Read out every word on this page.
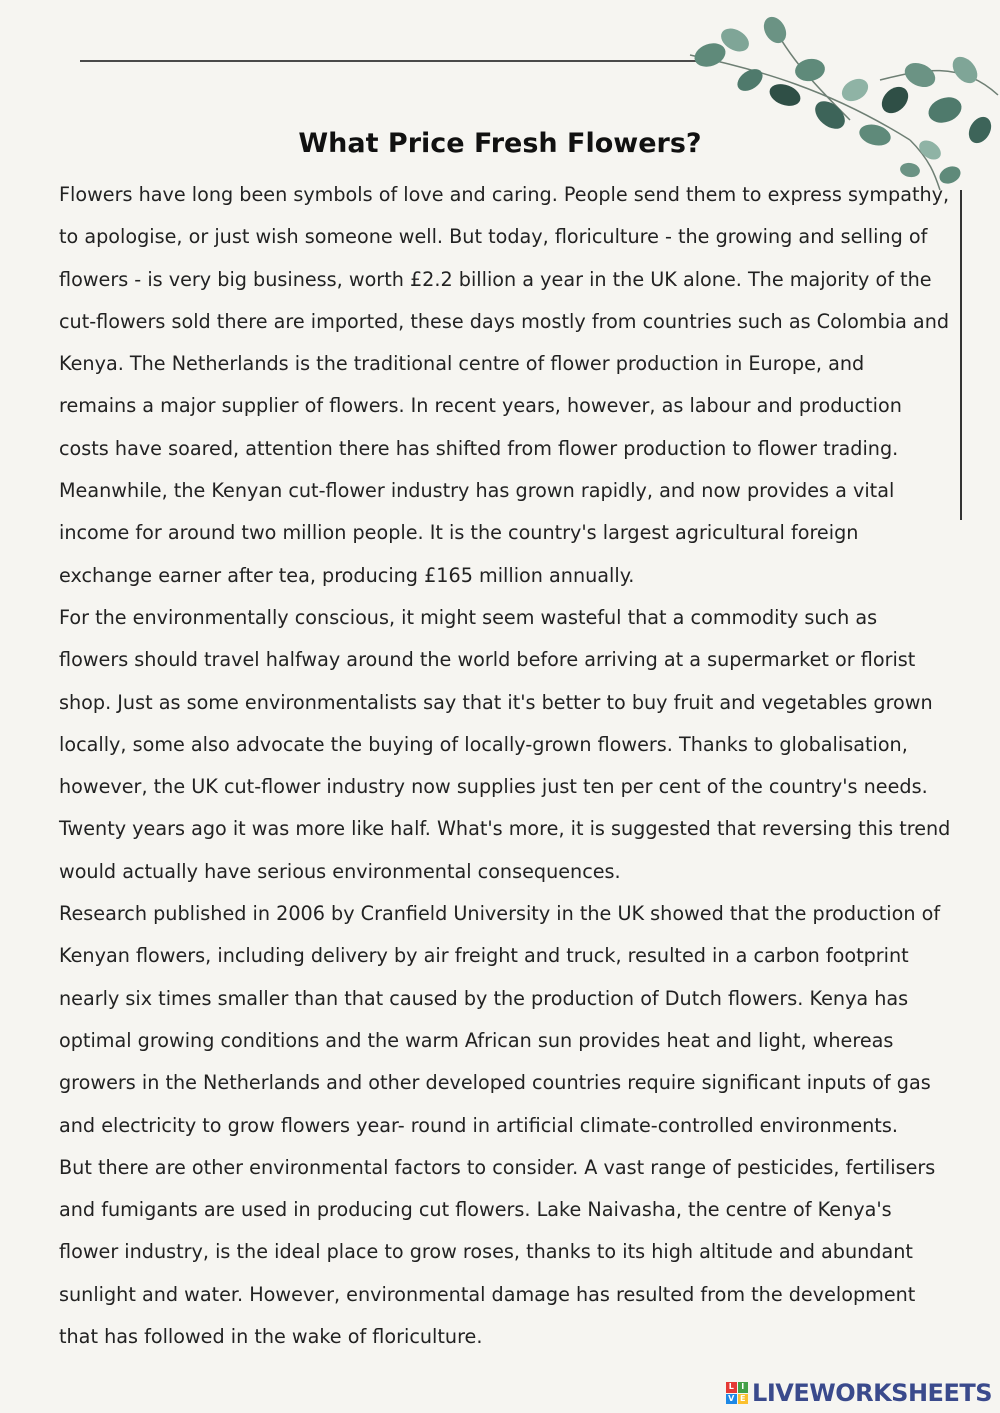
What Price Fresh Flowers?
Flowers have long been symbols of love and caring. People send them to express sympathy,
to apologise, or just wish someone well. But today, floriculture - the growing and selling of
flowers - is very big business, worth £2.2 billion a year in the UK alone. The majority of the
cut-flowers sold there are imported, these days mostly from countries such as Colombia and
Kenya. The Netherlands is the traditional centre of flower production in Europe, and
remains a major supplier of flowers. In recent years, however, as labour and production
costs have soared, attention there has shifted from flower production to flower trading.
Meanwhile, the Kenyan cut-flower industry has grown rapidly, and now provides a vital
income for around two million people. It is the country's largest agricultural foreign
exchange earner after tea, producing £165 million annually.
For the environmentally conscious, it might seem wasteful that a commodity such as
flowers should travel halfway around the world before arriving at a supermarket or florist
shop. Just as some environmentalists say that it's better to buy fruit and vegetables grown
locally, some also advocate the buying of locally-grown flowers. Thanks to globalisation,
however, the UK cut-flower industry now supplies just ten per cent of the country's needs.
Twenty years ago it was more like half. What's more, it is suggested that reversing this trend
would actually have serious environmental consequences.
Research published in 2006 by Cranfield University in the UK showed that the production of
Kenyan flowers, including delivery by air freight and truck, resulted in a carbon footprint
nearly six times smaller than that caused by the production of Dutch flowers. Kenya has
optimal growing conditions and the warm African sun provides heat and light, whereas
growers in the Netherlands and other developed countries require significant inputs of gas
and electricity to grow flowers year- round in artificial climate-controlled environments.
But there are other environmental factors to consider. A vast range of pesticides, fertilisers
and fumigants are used in producing cut flowers. Lake Naivasha, the centre of Kenya's
flower industry, is the ideal place to grow roses, thanks to its high altitude and abundant
sunlight and water. However, environmental damage has resulted from the development
that has followed in the wake of floriculture.
L I
V E LIVEWORKSHEETS
